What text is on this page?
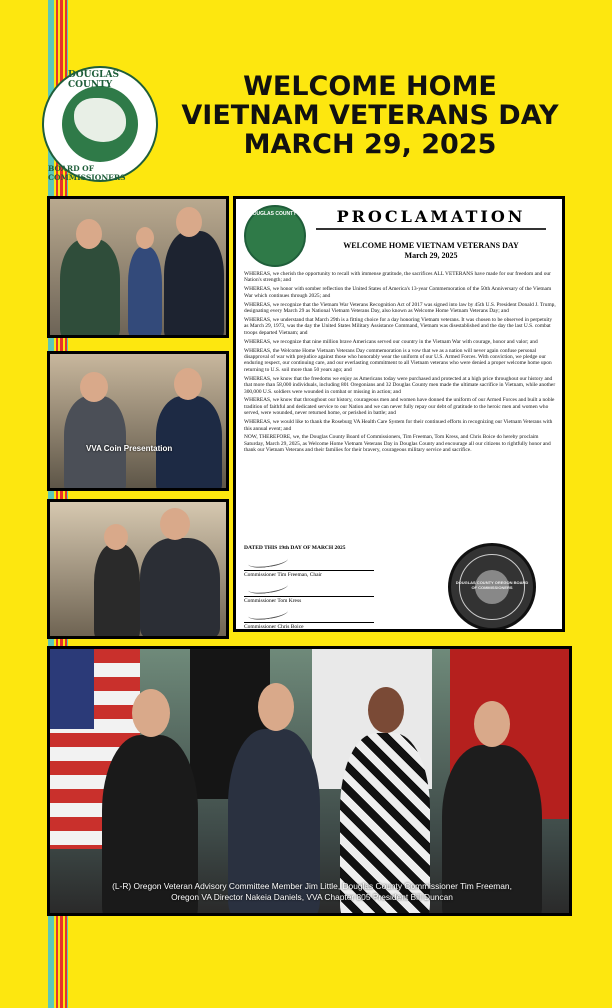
DOUGLAS COUNTY
BOARD OF COMMISSIONERS
WELCOME HOME
VIETNAM VETERANS DAY
MARCH 29, 2025
VVA Coin Presentation
DOUGLAS COUNTY	PROCLAMATION
WELCOME HOME VIETNAM VETERANS DAY
March 29, 2025

WHEREAS, we cherish the opportunity to recall with immense gratitude, the sacrifices ALL VETERANS have made for our freedom and our Nation's strength; and

WHEREAS, we honor with somber reflection the United States of America's 13-year Commemoration of the 50th Anniversary of the Vietnam War which continues through 2025; and

WHEREAS, we recognize that the Vietnam War Veterans Recognition Act of 2017 was signed into law by 45th U.S. President Donald J. Trump, designating every March 29 as National Vietnam Veterans Day, also known as Welcome Home Vietnam Veterans Day; and

WHEREAS, we understand that March 29th is a fitting choice for a day honoring Vietnam veterans. It was chosen to be observed in perpetuity as March 29, 1973, was the day the United States Military Assistance Command, Vietnam was disestablished and the day the last U.S. combat troops departed Vietnam; and

WHEREAS, we recognize that nine million brave Americans served our country in the Vietnam War with courage, honor and valor; and

WHEREAS, the Welcome Home Vietnam Veterans Day commemoration is a vow that we as a nation will never again confuse personal disapproval of war with prejudice against those who honorably wear the uniform of our U.S. Armed Forces. With conviction, we pledge our enduring respect, our continuing care, and our everlasting commitment to all Vietnam veterans who were denied a proper welcome home upon returning to U.S. soil more than 50 years ago; and

WHEREAS, we know that the freedoms we enjoy as Americans today were purchased and protected at a high price throughout our history and that more than 58,000 individuals, including 801 Oregonians and 32 Douglas County men made the ultimate sacrifice in Vietnam, while another 300,000 U.S. soldiers were wounded in combat or missing in action; and

WHEREAS, we know that throughout our history, courageous men and women have donned the uniform of our Armed Forces and built a noble tradition of faithful and dedicated service to our Nation and we can never fully repay our debt of gratitude to the heroic men and women who served, were wounded, never returned home, or perished in battle; and

WHEREAS, we would like to thank the Roseburg VA Health Care System for their continued efforts in recognizing our Vietnam Veterans with this annual event; and

NOW, THEREFORE, we, the Douglas County Board of Commissioners, Tim Freeman, Tom Kress, and Chris Boice do hereby proclaim Saturday, March 29, 2025, as Welcome Home Vietnam Veterans Day in Douglas County and encourage all our citizens to rightfully honor and thank our Vietnam Veterans and their families for their bravery, courageous military service and sacrifice.

DATED THIS 19th DAY OF MARCH 2025
Commissioner Tim Freeman, Chair
Commissioner Tom Kress
Commissioner Chris Boice
DOUGLAS COUNTY OREGON BOARD OF COMMISSIONERS
(L-R) Oregon Veteran Advisory Committee Member Jim Little, Douglas County Commissioner Tim Freeman,
Oregon VA Director Nakeia Daniels, VVA Chapter 805 President Bill Duncan
